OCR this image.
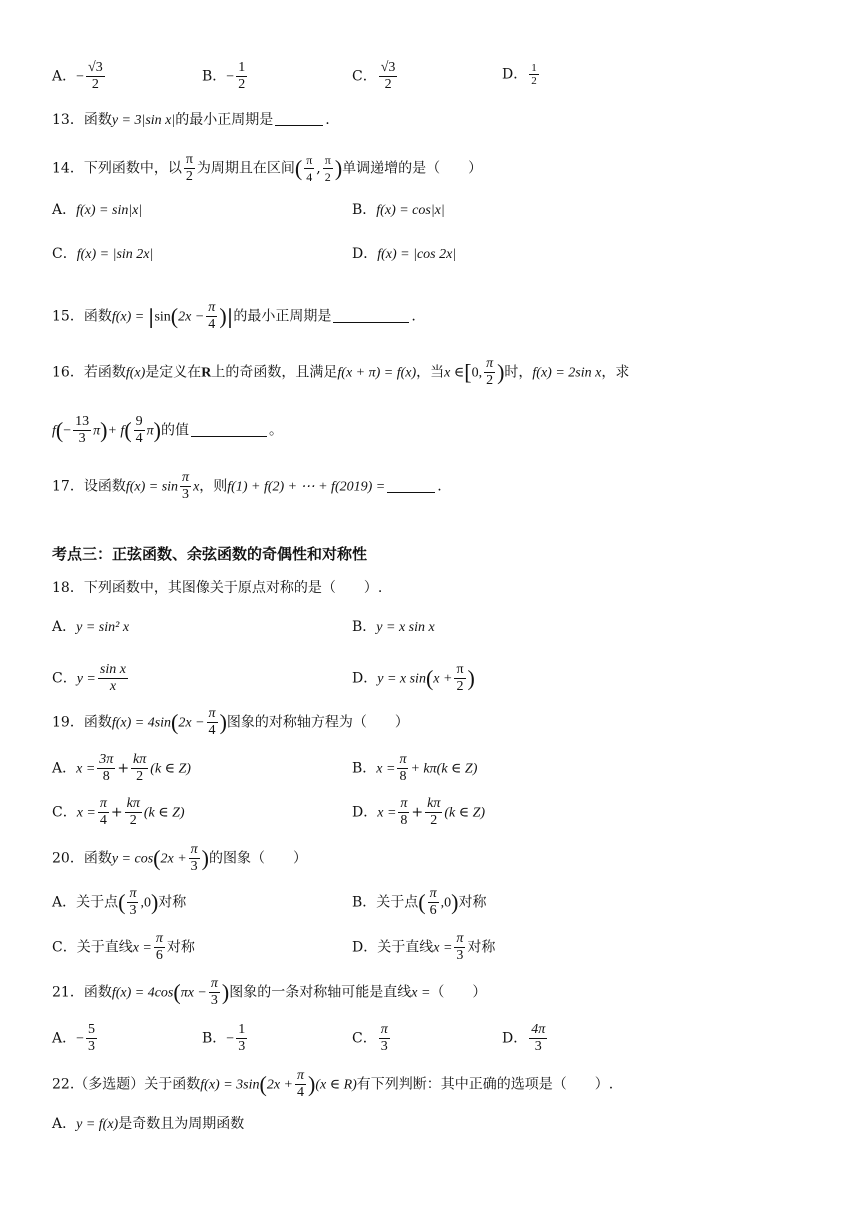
A．− $\frac{√3}{2}$	B．− $\frac{1}{2}$	C． $\frac{√3}{2}$	D． $\frac{1}{2}$
13．函数y = 3|sin x|的最小正周期是	.
14．下列函数中，以 $\frac{\pi}{2}$ 为周期且在区间( $\frac{\pi}{4}$ , $\frac{\pi}{2}$ )单调递增的是（　　）
A．f(x) = sin|x|	B．f(x) = cos|x|
C．f(x) = |sin 2x|	D．f(x) = |cos 2x|
15．函数$f(x) = |\sin(2x - \frac{\pi}{4}$ )|的最小正周期是	.
16．若函数f(x)是定义在R上的奇函数，且满足f(x + π) = f(x)，当x ∈[0, $\frac{\pi}{2}$ )时，f(x) = 2sin x，求
$f(- \frac{13}{3} \pi)+ f( \frac{9}{4} \pi)$的值	。
17．设函数$f(x) = \sin \frac{\pi}{3}$ x，则f(1) + f(2) + ⋯ + f(2019) =	.
考点三：正弦函数、余弦函数的奇偶性和对称性
18．下列函数中，其图像关于原点对称的是（　　）.
A．y = sin² x	B．y = x sin x
C．$y = \frac{\text{sin x}}{x}$	D．y = x $\sin(x + \frac{\pi}{2}$ )
19．函数$f(x) = 4\sin(2x - \frac{\pi}{4}$ )图象的对称轴方程为（　　）
A．$x = \frac{3\pi}{8} + \frac{k\pi}{2} (k$ ∈ Z)	B．$x = \frac{\pi}{8} + k\pi(k$ ∈ Z)
C．$x = \frac{\pi}{4} + \frac{k\pi}{2} (k$ ∈ Z)	D．$x = \frac{\pi}{8} + \frac{k\pi}{2} (k$ ∈ Z)
20．函数$y = \cos(2x + \frac{\pi}{3}$ )的图象（　　）
A．关于点( $\frac{\pi}{3} ,0$)对称	B．关于点( $\frac{\pi}{6} ,0$)对称
C．关于直线$x = \frac{\pi}{6}$ 对称	D．关于直线$x = \frac{\pi}{3}$ 对称
21．函数$f(x) = 4\cos(\pi x - \frac{\pi}{3}$ )图象的一条对称轴可能是直线x =（　　）
A．− $\frac{5}{3}$	B．− $\frac{1}{3}$	C． $\frac{\pi}{3}$	D． $\frac{4\pi}{3}$
22.（多选题）关于函数$f(x) = 3\sin(2x + \frac{\pi}{4} )(x$ ∈ R)有下列判断：其中正确的选项是（　　）.
A．y = f(x)是奇数且为周期函数
